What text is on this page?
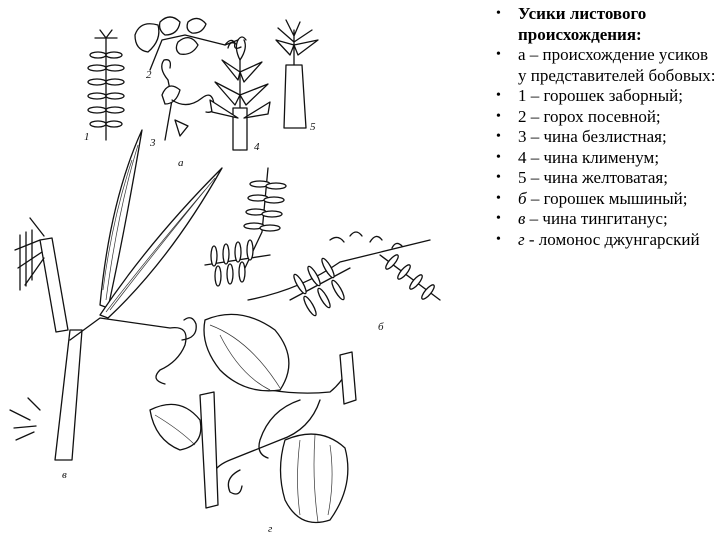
1
2
3	4
5
а
в
б
г
• Усики листового происхождения:
• а – происхождение усиков у представителей бобовых:
• 1 – горошек заборный;
• 2 – горох посевной;
• 3 – чина безлистная;
• 4 – чина клименум;
• 5 – чина желтоватая;
• б – горошек мышиный;
• в – чина тингитанус;
• г - ломонос джунгарский
